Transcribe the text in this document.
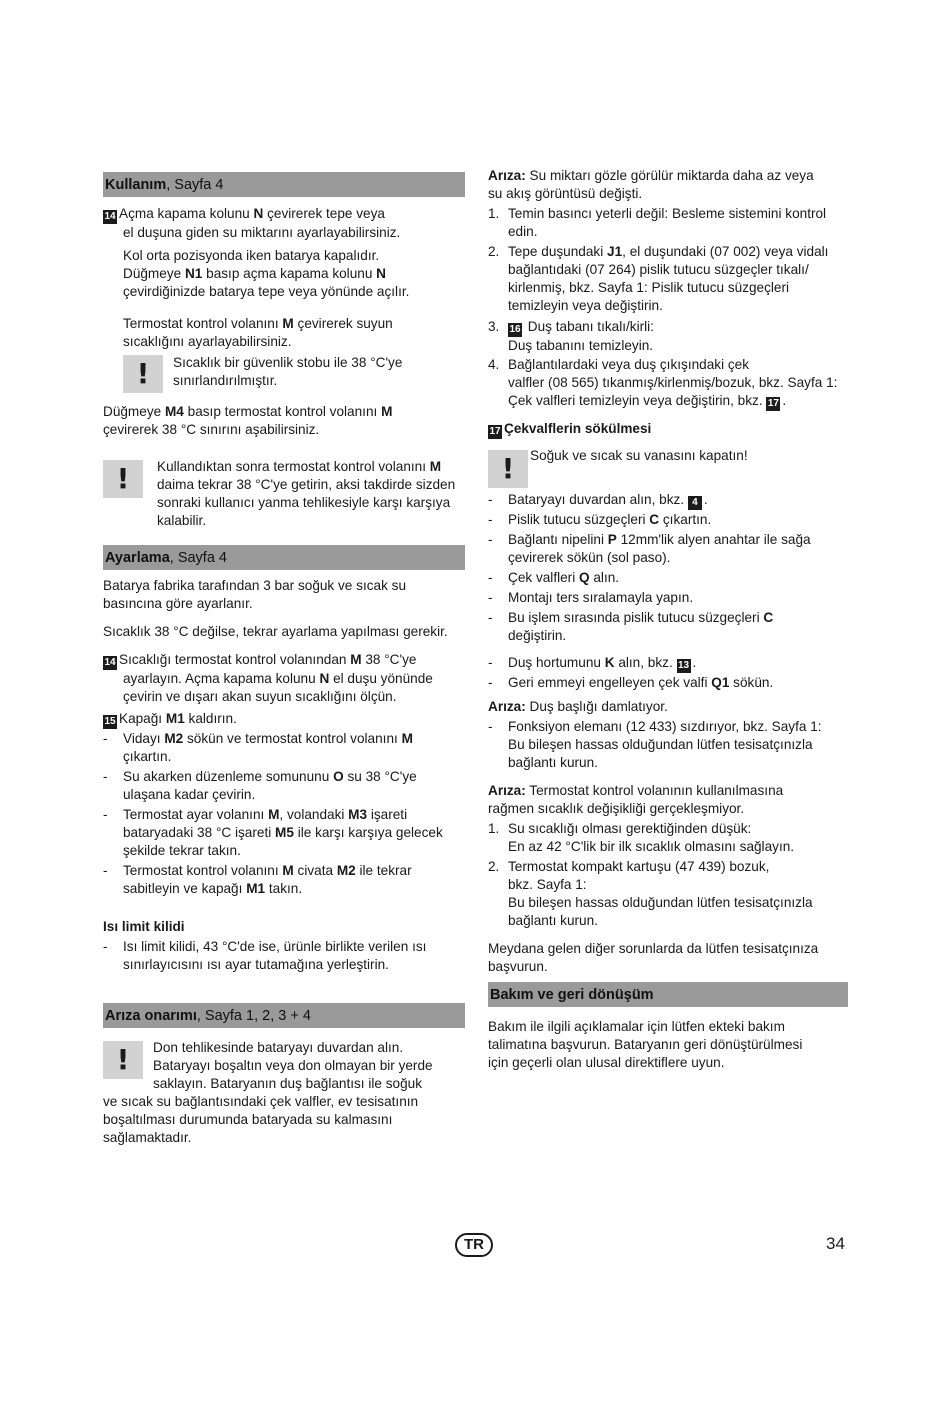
Kullanım, Sayfa 4

14 Açma kapama kolunu N çevirerek tepe veya

el duşuna giden su miktarını ayarlayabilirsiniz.

Kol orta pozisyonda iken batarya kapalıdır.

Düğmeye N1 basıp açma kapama kolunu N

çevirdiğinizde batarya tepe veya yönünde açılır.

Termostat kontrol volanını M çevirerek suyun

sıcaklığını ayarlayabilirsiniz.

!	Sıcaklık bir güvenlik stobu ile 38 °C'ye

sınırlandırılmıştır.

Düğmeye M4 basıp termostat kontrol volanını M

çevirerek 38 °C sınırını aşabilirsiniz.

!	Kullandıktan sonra termostat kontrol volanını M

daima tekrar 38 °C'ye getirin, aksi takdirde sizden

sonraki kullanıcı yanma tehlikesiyle karşı karşıya

kalabilir.

Ayarlama, Sayfa 4

Batarya fabrika tarafından 3 bar soğuk ve sıcak su

basıncına göre ayarlanır.

Sıcaklık 38 °C değilse, tekrar ayarlama yapılması gerekir.

14 Sıcaklığı termostat kontrol volanından M 38 °C'ye

ayarlayın. Açma kapama kolunu N el duşu yönünde

çevirin ve dışarı akan suyun sıcaklığını ölçün.

15 Kapağı M1 kaldırın.

- Vidayı M2 sökün ve termostat kontrol volanını M

çıkartın.

- Su akarken düzenleme somununu O su 38 °C'ye

ulaşana kadar çevirin.

- Termostat ayar volanını M, volandaki M3 işareti

bataryadaki 38 °C işareti M5 ile karşı karşıya gelecek

şekilde tekrar takın.

- Termostat kontrol volanını M civata M2 ile tekrar

sabitleyin ve kapağı M1 takın.

Isı limit kilidi

- Isı limit kilidi, 43 °C'de ise, ürünle birlikte verilen ısı

sınırlayıcısını ısı ayar tutamağına yerleştirin.

Arıza onarımı, Sayfa 1, 2, 3 + 4
!	Don tehlikesinde bataryayı duvardan alın.

Bataryayı boşaltın veya don olmayan bir yerde

saklayın. Bataryanın duş bağlantısı ile soğuk

ve sıcak su bağlantısındaki çek valfler, ev tesisatının

boşaltılması durumunda bataryada su kalmasını

sağlamaktadır.

Arıza: Su miktarı gözle görülür miktarda daha az veya

su akış görüntüsü değişti.

1. Temin basıncı yeterli değil: Besleme sistemini kontrol

edin.

2. Tepe duşundaki J1, el duşundaki (07 002) veya vidalı

bağlantıdaki (07 264) pislik tutucu süzgeçler tıkalı/

kirlenmiş, bkz. Sayfa 1: Pislik tutucu süzgeçleri

temizleyin veya değiştirin.

3. 16 Duş tabanı tıkalı/kirli:

Duş tabanını temizleyin.

4. Bağlantılardaki veya duş çıkışındaki çek

valfler (08 565) tıkanmış/kirlenmiş/bozuk, bkz. Sayfa 1:

Çek valfleri temizleyin veya değiştirin, bkz. 17 .

17 Çekvalflerin sökülmesi

!	Soğuk ve sıcak su vanasını kapatın!

- Bataryayı duvardan alın, bkz. 4 .

- Pislik tutucu süzgeçleri C çıkartın.

- Bağlantı nipelini P 12mm'lik alyen anahtar ile sağa

çevirerek sökün (sol paso).

- Çek valfleri Q alın.

- Montajı ters sıralamayla yapın.

- Bu işlem sırasında pislik tutucu süzgeçleri C

değiştirin.

- Duş hortumunu K alın, bkz. 13 .

- Geri emmeyi engelleyen çek valfi Q1 sökün.

Arıza: Duş başlığı damlatıyor.

- Fonksiyon elemanı (12 433) sızdırıyor, bkz. Sayfa 1:

Bu bileşen hassas olduğundan lütfen tesisatçınızla

bağlantı kurun.

Arıza: Termostat kontrol volanının kullanılmasına

rağmen sıcaklık değişikliği gerçekleşmiyor.

1. Su sıcaklığı olması gerektiğinden düşük:

En az 42 °C'lik bir ilk sıcaklık olmasını sağlayın.

2. Termostat kompakt kartuşu (47 439) bozuk,

bkz. Sayfa 1:

Bu bileşen hassas olduğundan lütfen tesisatçınızla

bağlantı kurun.

Meydana gelen diğer sorunlarda da lütfen tesisatçınıza

başvurun.

Bakım ve geri dönüşüm

Bakım ile ilgili açıklamalar için lütfen ekteki bakım

talimatına başvurun. Bataryanın geri dönüştürülmesi

için geçerli olan ulusal direktiflere uyun.

TR	34
